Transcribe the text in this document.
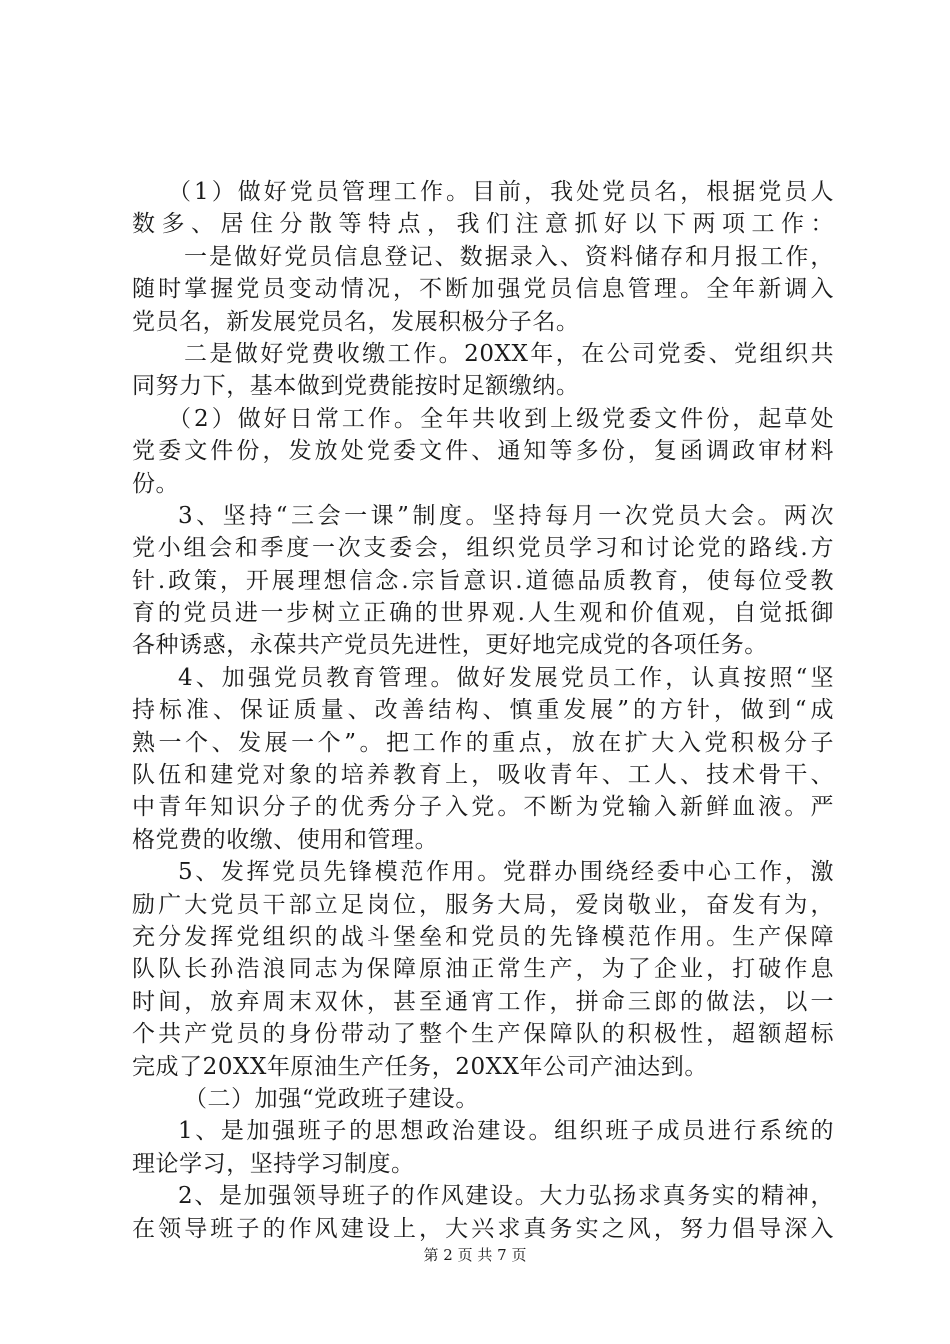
（1）做好党员管理工作。目前，我处党员名，根据党员人
数多、居住分散等特点，我们注意抓好以下两项工作：
一是做好党员信息登记、数据录入、资料储存和月报工作，
随时掌握党员变动情况，不断加强党员信息管理。全年新调入
党员名，新发展党员名，发展积极分子名。
二是做好党费收缴工作。20XX年，在公司党委、党组织共
同努力下，基本做到党费能按时足额缴纳。
（2）做好日常工作。全年共收到上级党委文件份，起草处
党委文件份，发放处党委文件、通知等多份，复函调政审材料
份。
3、坚持“三会一课”制度。坚持每月一次党员大会。两次
党小组会和季度一次支委会，组织党员学习和讨论党的路线.方
针.政策，开展理想信念.宗旨意识.道德品质教育，使每位受教
育的党员进一步树立正确的世界观.人生观和价值观，自觉抵御
各种诱惑，永葆共产党员先进性，更好地完成党的各项任务。
4、加强党员教育管理。做好发展党员工作，认真按照“坚
持标准、保证质量、改善结构、慎重发展”的方针，做到“成
熟一个、发展一个”。把工作的重点，放在扩大入党积极分子
队伍和建党对象的培养教育上，吸收青年、工人、技术骨干、
中青年知识分子的优秀分子入党。不断为党输入新鲜血液。严
格党费的收缴、使用和管理。
5、发挥党员先锋模范作用。党群办围绕经委中心工作，激
励广大党员干部立足岗位，服务大局，爱岗敬业，奋发有为，
充分发挥党组织的战斗堡垒和党员的先锋模范作用。生产保障
队队长孙浩浪同志为保障原油正常生产，为了企业，打破作息
时间，放弃周末双休，甚至通宵工作，拼命三郎的做法，以一
个共产党员的身份带动了整个生产保障队的积极性，超额超标
完成了20XX年原油生产任务，20XX年公司产油达到。
（二）加强“党政班子建设。
1、是加强班子的思想政治建设。组织班子成员进行系统的
理论学习，坚持学习制度。
2、是加强领导班子的作风建设。大力弘扬求真务实的精神，
在领导班子的作风建设上，大兴求真务实之风，努力倡导深入
第 2 页 共 7 页
